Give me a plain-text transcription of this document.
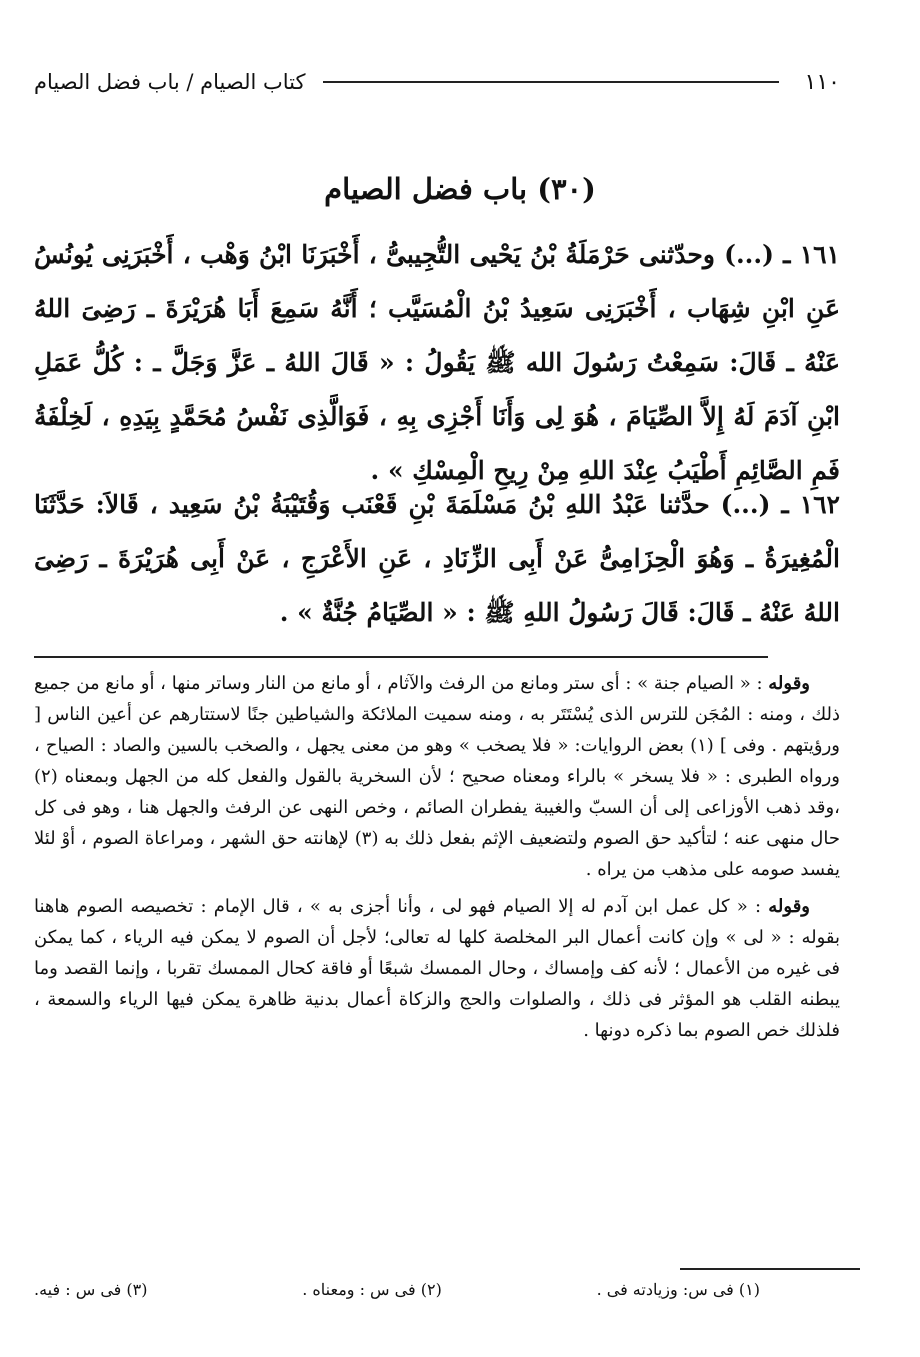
١١٠
كتاب الصيام / باب فضل الصيام
(٣٠) باب فضل الصيام
١٦١ ـ (...) وحدّثنى حَرْمَلَةُ بْنُ يَحْيى التُّجِيبىُّ ، أَخْبَرَنَا ابْنُ وَهْب ، أَخْبَرَنِى يُونُسُ عَنِ ابْنِ شِهَاب ، أَخْبَرَنِى سَعِيدُ بْنُ الْمُسَيَّب ؛ أَنَّهُ سَمِعَ أَبَا هُرَيْرَةَ ـ رَضِىَ اللهُ عَنْهُ ـ قَالَ: سَمِعْتُ رَسُولَ الله ﷺ يَقُولُ : « قَالَ اللهُ ـ عَزَّ وَجَلَّ ـ : كُلُّ عَمَلِ ابْنِ آدَمَ لَهُ إِلاَّ الصِّيَامَ ، هُوَ لِى وَأَنَا أَجْزِى بِهِ ، فَوَالَّذِى نَفْسُ مُحَمَّدٍ بِيَدِهِ ، لَخِلْفَةُ فَمِ الصَّائِمِ أَطْيَبُ عِنْدَ اللهِ مِنْ رِيحِ الْمِسْكِ » .
١٦٢ ـ (...) حدَّثنا عَبْدُ اللهِ بْنُ مَسْلَمَةَ بْنِ قَعْنَب وَقُتَيْبَةُ بْنُ سَعِيد ، قَالاَ: حَدَّثَنَا الْمُغِيرَةُ ـ وَهُوَ الْحِزَامِىُّ عَنْ أَبِى الزِّنَادِ ، عَنِ الأَعْرَجِ ، عَنْ أَبِى هُرَيْرَةَ ـ رَضِىَ اللهُ عَنْهُ ـ قَالَ: قَالَ رَسُولُ اللهِ ﷺ : « الصِّيَامُ جُنَّةٌ » .

وقوله : « الصيام جنة » : أى ستر ومانع من الرفث والآثام ، أو مانع من النار وساتر منها ، أو مانع من جميع ذلك ، ومنه : المُجَن للترس الذى يُسْتَتَر به ، ومنه سميت الملائكة والشياطين جنًا لاستتارهم عن أعين الناس [ ورؤيتهم . وفى ] (١) بعض الروايات: « فلا يصخب » وهو من معنى يجهل ، والصخب بالسين والصاد : الصياح ، ورواه الطبرى : « فلا يسخر » بالراء ومعناه صحيح ؛ لأن السخرية بالقول والفعل كله من الجهل وبمعناه (٢) ،وقد ذهب الأوزاعى إلى أن السبّ والغيبة يفطران الصائم ، وخص النهى عن الرفث والجهل هنا ، وهو فى كل حال منهى عنه ؛ لتأكيد حق الصوم ولتضعيف الإثم بفعل ذلك به (٣) لإهانته حق الشهر ، ومراعاة الصوم ، أوْ لئلا يفسد صومه على مذهب من يراه .

وقوله : « كل عمل ابن آدم له إلا الصيام فهو لى ، وأنا أجزى به » ، قال الإمام : تخصيصه الصوم هاهنا بقوله : « لى » وإن كانت أعمال البر المخلصة كلها له تعالى؛ لأجل أن الصوم لا يمكن فيه الرياء ، كما يمكن فى غيره من الأعمال ؛ لأنه كف وإمساك ، وحال الممسك شبعًا أو فاقة كحال الممسك تقربا ، وإنما القصد وما يبطنه القلب هو المؤثر فى ذلك ، والصلوات والحج والزكاة أعمال بدنية ظاهرة يمكن فيها الرياء والسمعة ، فلذلك خص الصوم بما ذكره دونها .

(١) فى س: وزيادته فى .
(٢) فى س : ومعناه .
(٣) فى س : فيه.
